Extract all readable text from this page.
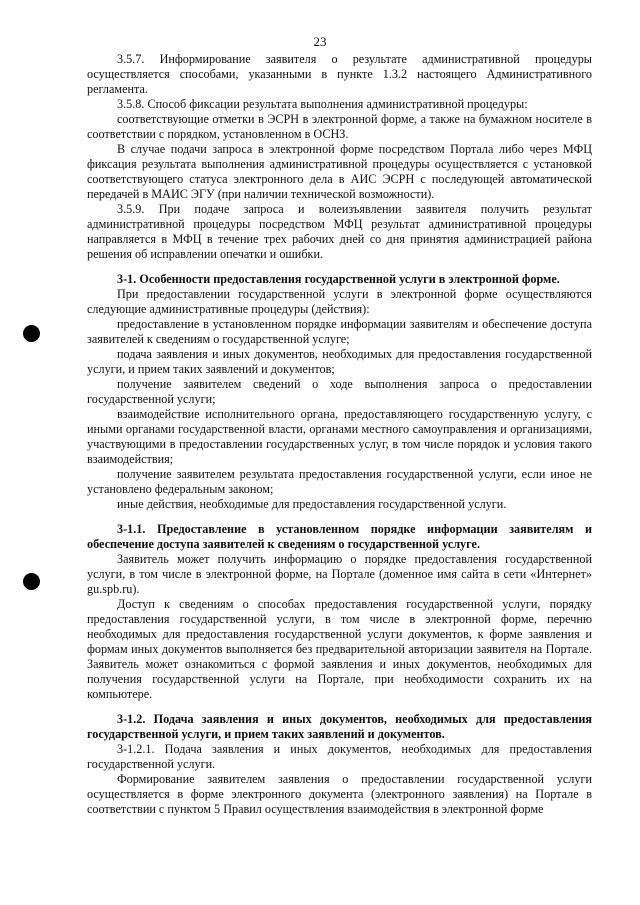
23

3.5.7. Информирование заявителя о результате административной процедуры осуществляется способами, указанными в пункте 1.3.2 настоящего Административного регламента.

3.5.8. Способ фиксации результата выполнения административной процедуры:

соответствующие отметки в ЭСРН в электронной форме, а также на бумажном носителе в соответствии с порядком, установленном в ОСНЗ.

В случае подачи запроса в электронной форме посредством Портала либо через МФЦ фиксация результата выполнения административной процедуры осуществляется с установкой соответствующего статуса электронного дела в АИС ЭСРН с последующей автоматической передачей в МАИС ЭГУ (при наличии технической возможности).

3.5.9. При подаче запроса и волеизъявлении заявителя получить результат административной процедуры посредством МФЦ результат административной процедуры направляется в МФЦ в течение трех рабочих дней со дня принятия администрацией района решения об исправлении опечатки и ошибки.

3-1. Особенности предоставления государственной услуги в электронной форме.

При предоставлении государственной услуги в электронной форме осуществляются следующие административные процедуры (действия):

предоставление в установленном порядке информации заявителям и обеспечение доступа заявителей к сведениям о государственной услуге;

подача заявления и иных документов, необходимых для предоставления государственной услуги, и прием таких заявлений и документов;

получение заявителем сведений о ходе выполнения запроса о предоставлении государственной услуги;

взаимодействие исполнительного органа, предоставляющего государственную услугу, с иными органами государственной власти, органами местного самоуправления и организациями, участвующими в предоставлении государственных услуг, в том числе порядок и условия такого взаимодействия;

получение заявителем результата предоставления государственной услуги, если иное не установлено федеральным законом;

иные действия, необходимые для предоставления государственной услуги.

3-1.1. Предоставление в установленном порядке информации заявителям и обеспечение доступа заявителей к сведениям о государственной услуге.

Заявитель может получить информацию о порядке предоставления государственной услуги, в том числе в электронной форме, на Портале (доменное имя сайта в сети «Интернет» gu.spb.ru).

Доступ к сведениям о способах предоставления государственной услуги, порядку предоставления государственной услуги, в том числе в электронной форме, перечню необходимых для предоставления государственной услуги документов, к форме заявления и формам иных документов выполняется без предварительной авторизации заявителя на Портале. Заявитель может ознакомиться с формой заявления и иных документов, необходимых для получения государственной услуги на Портале, при необходимости сохранить их на компьютере.

3-1.2. Подача заявления и иных документов, необходимых для предоставления государственной услуги, и прием таких заявлений и документов.

3-1.2.1. Подача заявления и иных документов, необходимых для предоставления государственной услуги.

Формирование заявителем заявления о предоставлении государственной услуги осуществляется в форме электронного документа (электронного заявления) на Портале в соответствии с пунктом 5 Правил осуществления взаимодействия в электронной форме
